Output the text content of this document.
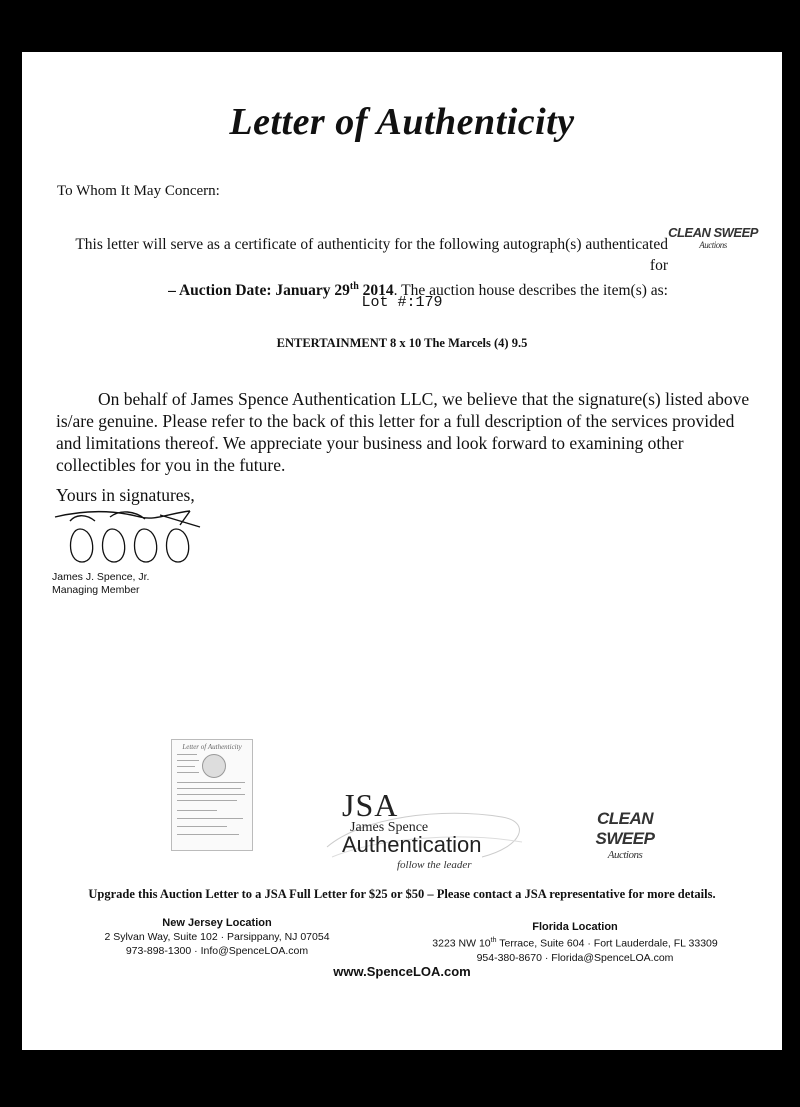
Letter of Authenticity
To Whom It May Concern:
This letter will serve as a certificate of authenticity for the following autograph(s) authenticated for
– Auction Date: January 29th 2014. The auction house describes the item(s) as:
CLEAN SWEEP
Auctions
Lot #:179
ENTERTAINMENT 8 x 10 The Marcels (4) 9.5
On behalf of James Spence Authentication LLC, we believe that the signature(s) listed above is/are genuine. Please refer to the back of this letter for a full description of the services provided and limitations thereof. We appreciate your business and look forward to examining other collectibles for you in the future.
Yours in signatures,
James J. Spence, Jr.
Managing Member
Letter of Authenticity
JSA
James Spence
Authentication
follow the leader
CLEAN SWEEP
Auctions
Upgrade this Auction Letter to a JSA Full Letter for $25 or $50 – Please contact a JSA representative for more details.
New Jersey Location
2 Sylvan Way, Suite 102 · Parsippany, NJ 07054
973-898-1300 · Info@SpenceLOA.com
Florida Location
3223 NW 10th Terrace, Suite 604 · Fort Lauderdale, FL 33309
954-380-8670 · Florida@SpenceLOA.com
www.SpenceLOA.com
